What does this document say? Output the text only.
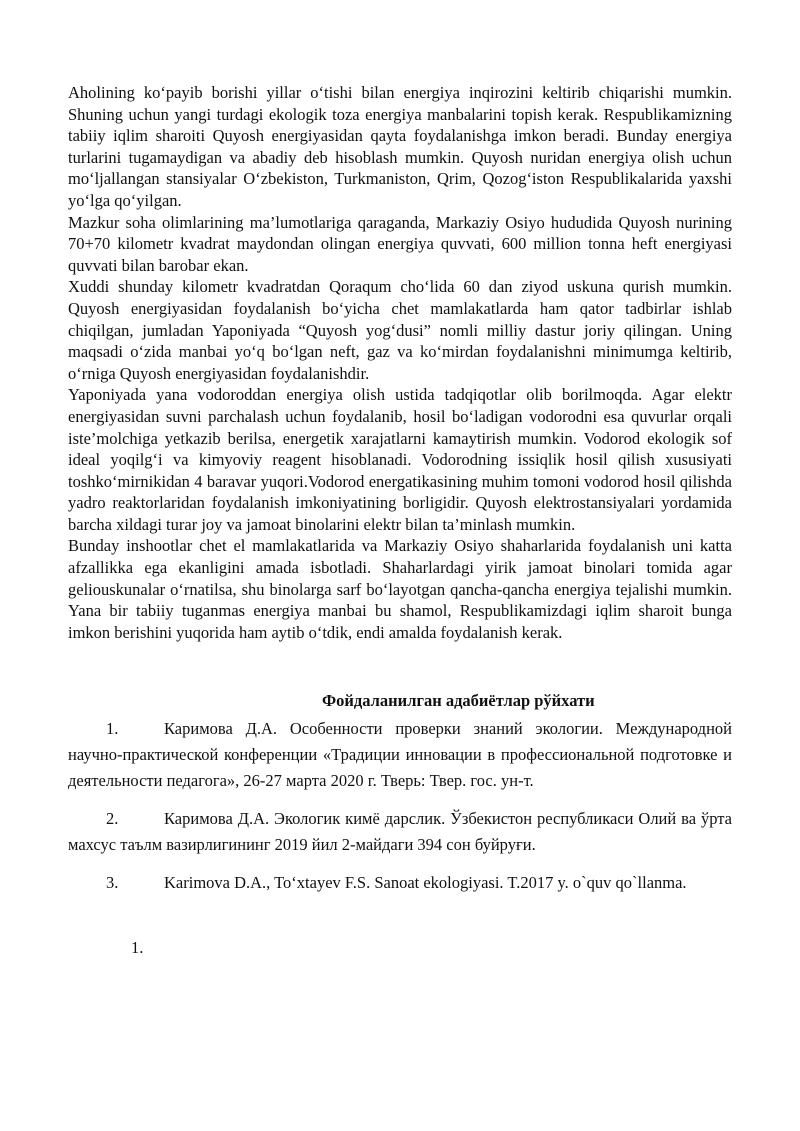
Aholining ko‘payib borishi yillar o‘tishi bilan energiya inqirozini keltirib chiqarishi mumkin. Shuning uchun yangi turdagi ekologik toza energiya manbalarini topish kerak. Respublikamizning tabiiy iqlim sharoiti Quyosh energiyasidan qayta foydalanishga imkon beradi. Bunday energiya turlarini tugamaydigan va abadiy deb hisoblash mumkin. Quyosh nuridan energiya olish uchun mo‘ljallangan stansiyalar O‘zbekiston, Turkmaniston, Qrim, Qozog‘iston Respublikalarida yaxshi yo‘lga qo‘yilgan.

Mazkur soha olimlarining ma’lumotlariga qaraganda, Markaziy Osiyo hududida Quyosh nurining 70+70 kilometr kvadrat maydondan olingan energiya quvvati, 600 million tonna heft energiyasi quvvati bilan barobar ekan.

Xuddi shunday kilometr kvadratdan Qoraqum cho‘lida 60 dan ziyod uskuna qurish mumkin. Quyosh energiyasidan foydalanish bo‘yicha chet mamlakatlarda ham qator tadbirlar ishlab chiqilgan, jumladan Yaponiyada “Quyosh yog‘dusi” nomli milliy dastur joriy qilingan. Uning maqsadi o‘zida manbai yo‘q bo‘lgan neft, gaz va ko‘mirdan foydalanishni minimumga keltirib, o‘rniga Quyosh energiyasidan foydalanishdir.

Yaponiyada yana vodoroddan energiya olish ustida tadqiqotlar olib borilmoqda. Agar elektr energiyasidan suvni parchalash uchun foydalanib, hosil bo‘ladigan vodorodni esa quvurlar orqali iste’molchiga yetkazib berilsa, energetik xarajatlarni kamaytirish mumkin. Vodorod ekologik sof ideal yoqilg‘i va kimyoviy reagent hisoblanadi. Vodorodning issiqlik hosil qilish xususiyati toshko‘mirnikidan 4 baravar yuqori.Vodorod energatikasining muhim tomoni vodorod hosil qilishda yadro reaktorlaridan foydalanish imkoniyatining borligidir. Quyosh elektrostansiyalari yordamida barcha xildagi turar joy va jamoat binolarini elektr bilan ta’minlash mumkin.

Bunday inshootlar chet el mamlakatlarida va Markaziy Osiyo shaharlarida foydalanish uni katta afzallikka ega ekanligini amada isbotladi. Shaharlardagi yirik jamoat binolari tomida agar geliouskunalar o‘rnatilsa, shu binolarga sarf bo‘layotgan qancha-qancha energiya tejalishi mumkin. Yana bir tabiiy tuganmas energiya manbai bu shamol, Respublikamizdagi iqlim sharoit bunga imkon berishini yuqorida ham aytib o‘tdik, endi amalda foydalanish kerak.

Фойдаланилган адабиётлар рўйхати

1.	Каримова Д.А. Особенности проверки знаний экологии. Международной научно-практической конференции «Традиции инновации в профессиональной подготовке и деятельности педагога», 26-27 марта 2020 г. Тверь: Твер. гос. ун-т.

2.	Каримова Д.А. Экологик кимё дарслик. Ўзбекистон республикаси Олий ва ўрта махсус таълм вазирлигининг 2019 йил 2-майдаги 394 сон буйруғи.

3.	Karimova D.A., To‘xtayev F.S. Sanoat ekologiyasi. T.2017 y. o`quv qo`llanma.

1.
